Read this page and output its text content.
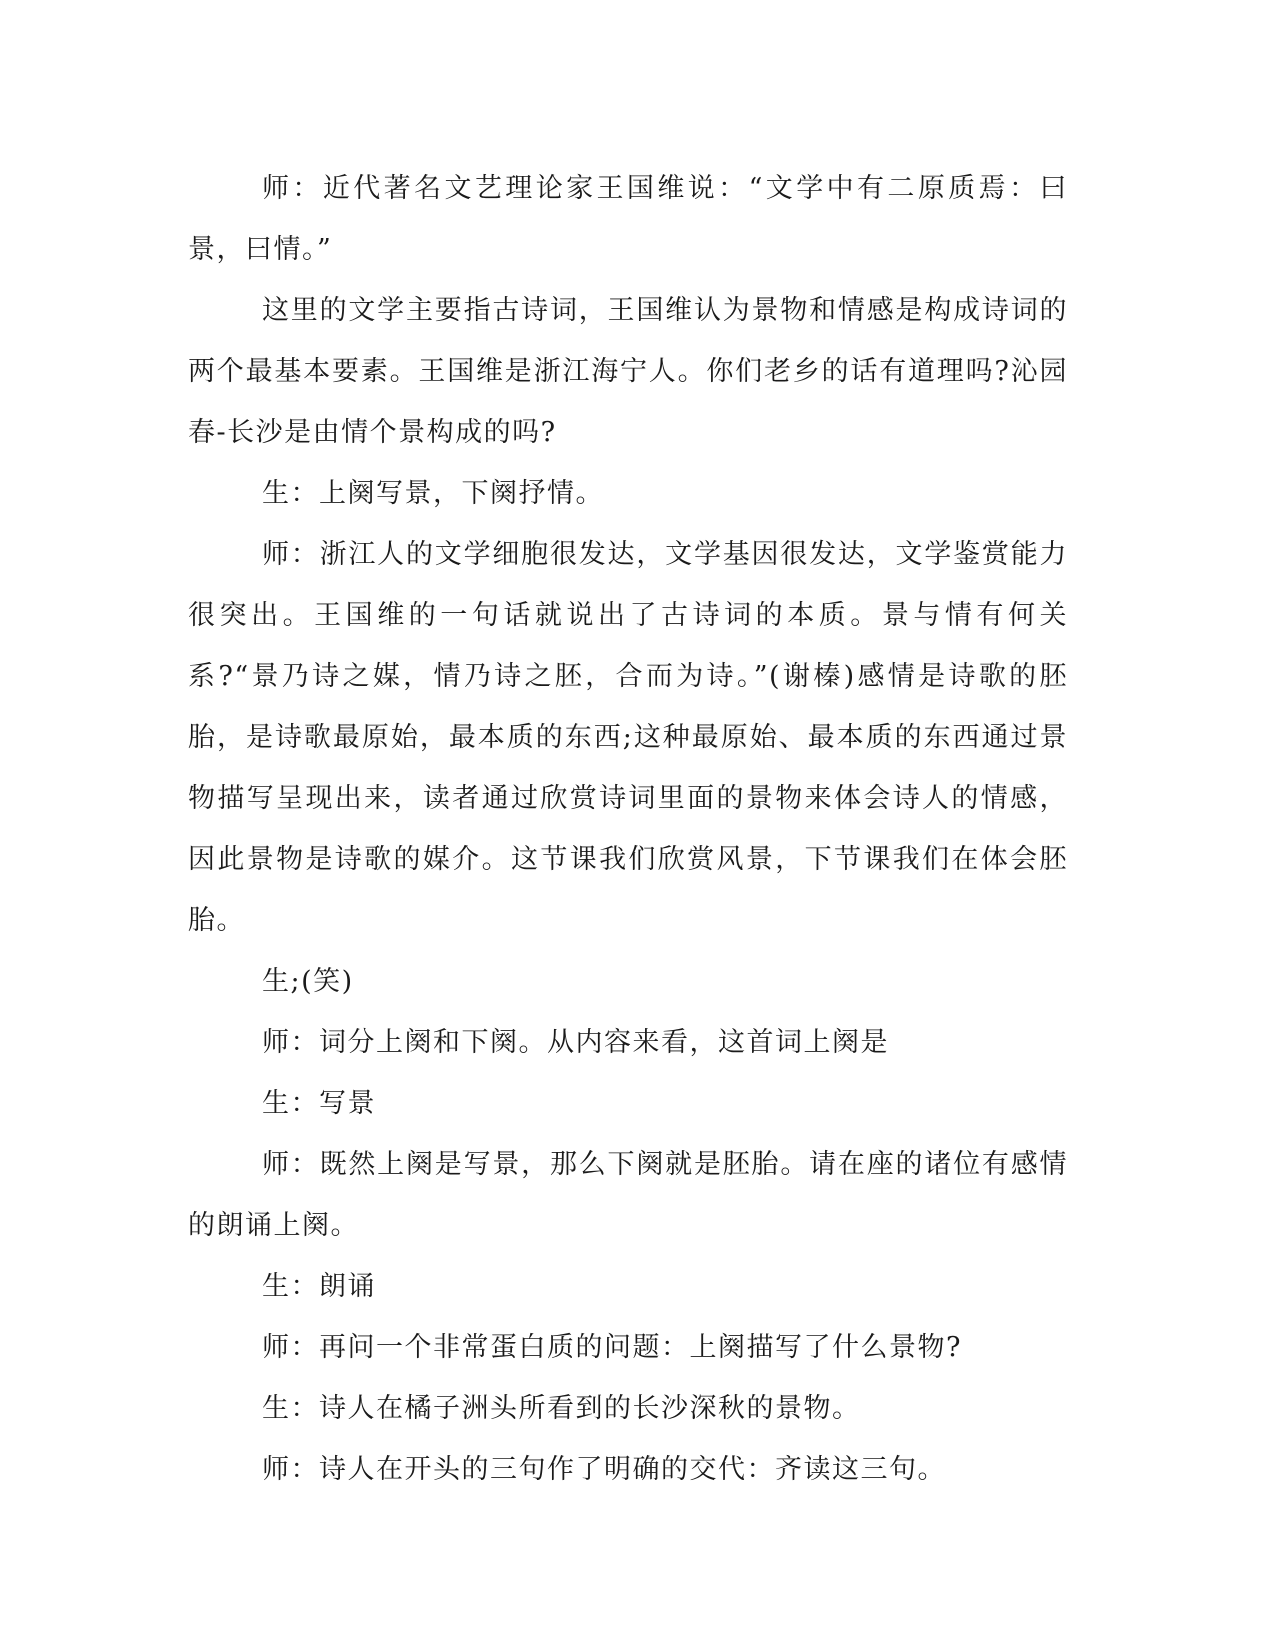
师：近代著名文艺理论家王国维说：“文学中有二原质焉：曰景，曰情。”

这里的文学主要指古诗词，王国维认为景物和情感是构成诗词的两个最基本要素。王国维是浙江海宁人。你们老乡的话有道理吗?沁园春-长沙是由情个景构成的吗?

生：上阕写景，下阕抒情。

师：浙江人的文学细胞很发达，文学基因很发达，文学鉴赏能力很突出。王国维的一句话就说出了古诗词的本质。景与情有何关系?“景乃诗之媒，情乃诗之胚，合而为诗。”(谢榛)感情是诗歌的胚胎，是诗歌最原始，最本质的东西;这种最原始、最本质的东西通过景物描写呈现出来，读者通过欣赏诗词里面的景物来体会诗人的情感，因此景物是诗歌的媒介。这节课我们欣赏风景，下节课我们在体会胚胎。

生;(笑)

师：词分上阕和下阕。从内容来看，这首词上阕是

生：写景

师：既然上阕是写景，那么下阕就是胚胎。请在座的诸位有感情的朗诵上阕。

生：朗诵

师：再问一个非常蛋白质的问题：上阕描写了什么景物?

生：诗人在橘子洲头所看到的长沙深秋的景物。

师：诗人在开头的三句作了明确的交代：齐读这三句。
